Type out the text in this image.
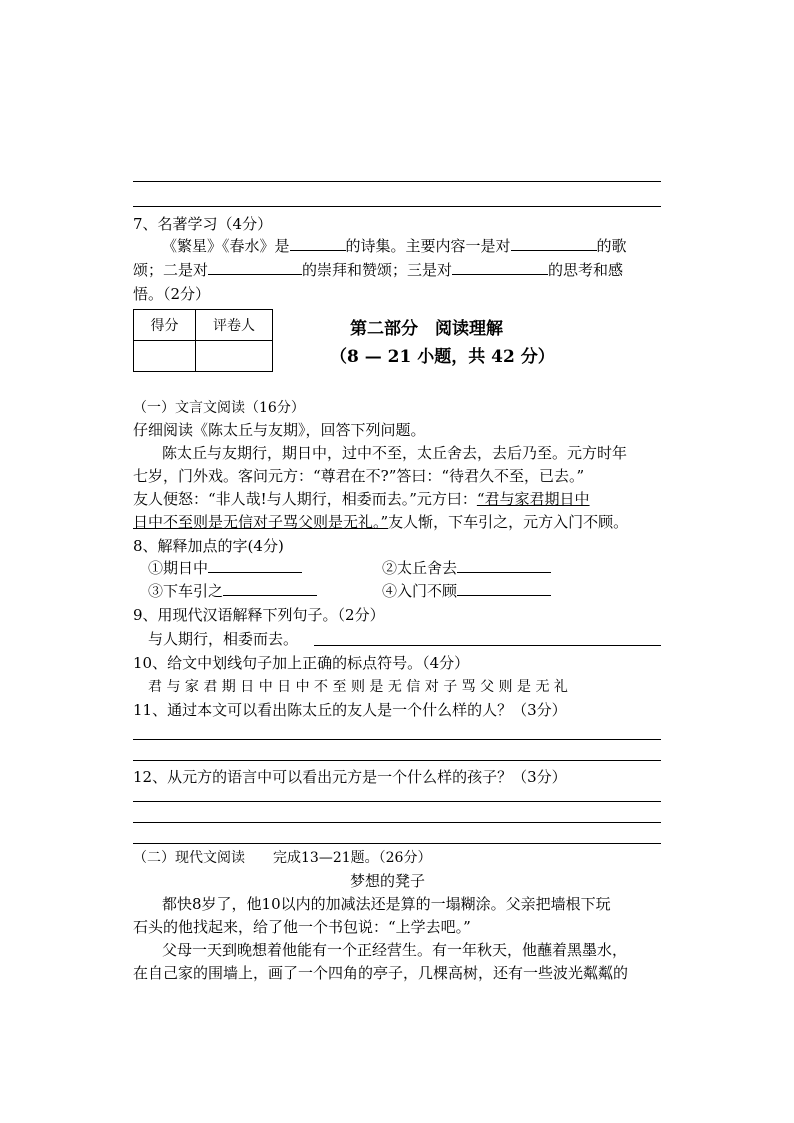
7、名著学习（4分）
《繁星》《春水》是	的诗集。主要内容一是对	的歌
颂；二是对	的崇拜和赞颂；三是对	的思考和感
悟。（2分）
得分	评卷人
		第二部分　阅读理解
（8 — 21 小题，共 42 分）
（一）文言文阅读（16分）
仔细阅读《陈太丘与友期》，回答下列问题。
陈太丘与友期行，期日中，过中不至，太丘舍去，去后乃至。元方时年
七岁，门外戏。客问元方：“尊君在不?”答曰：“待君久不至，已去。”
友人便怒：“非人哉!与人期行，相委而去。”元方曰：“君与家君期日中
日中不至则是无信对子骂父则是无礼。”友人惭，下车引之，元方入门不顾。
8、解释加点的字(4分)
①期日中	②太丘舍去
③下车引之	④入门不顾
9、用现代汉语解释下列句子。（2分）
与人期行，相委而去。
10、给文中划线句子加上正确的标点符号。（4分）
君 与 家 君 期 日 中 日 中 不 至 则 是 无 信 对 子 骂 父 则 是 无 礼
11、通过本文可以看出陈太丘的友人是一个什么样的人？（3分）
12、从元方的语言中可以看出元方是一个什么样的孩子？（3分）
（二）现代文阅读　　完成13—21题。（26分）
梦想的凳子
都快8岁了，他10以内的加减法还是算的一塌糊涂。父亲把墙根下玩
石头的他找起来，给了他一个书包说：“上学去吧。”
父母一天到晚想着他能有一个正经营生。有一年秋天，他蘸着黑墨水，
在自己家的围墙上，画了一个四角的亭子，几棵高树，还有一些波光粼粼的
